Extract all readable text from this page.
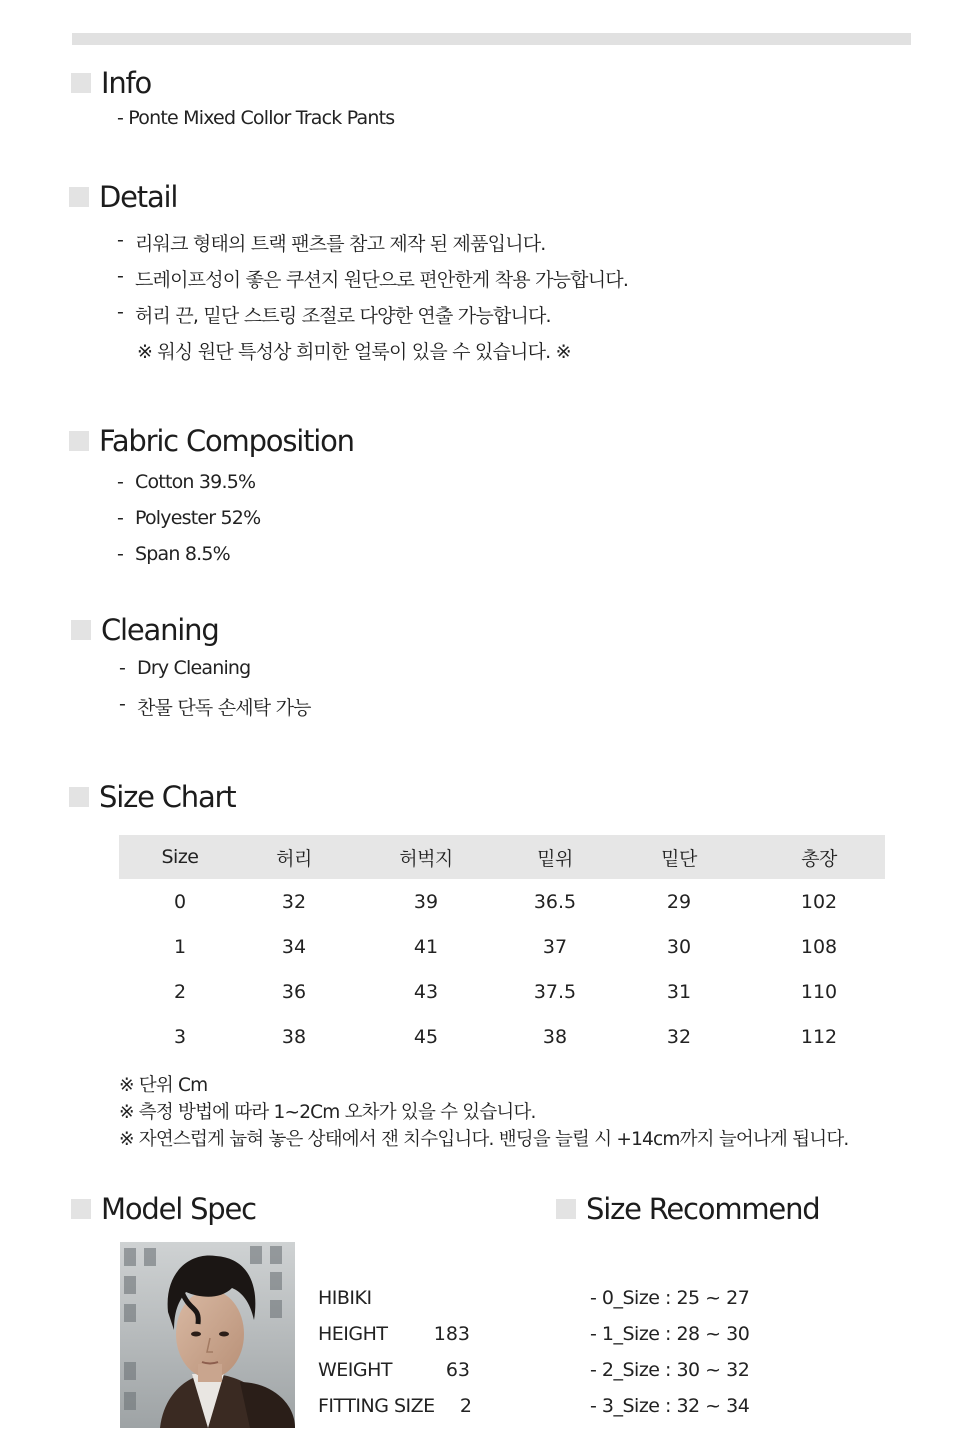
Info
- Ponte Mixed Collor Track Pants
Detail
- 리워크 형태의 트랙 팬츠를 참고 제작 된 제품입니다.
- 드레이프성이 좋은 쿠션지 원단으로 편안한게 착용 가능합니다.
- 허리 끈, 밑단 스트링 조절로 다양한 연출 가능합니다.
※ 워싱 원단 특성상 희미한 얼룩이 있을 수 있습니다. ※
Fabric Composition
- Cotton 39.5%
- Polyester 52%
- Span 8.5%
Cleaning
- Dry Cleaning
- 찬물 단독 손세탁 가능
Size Chart
Size	허리	허벅지	밑위	밑단	총장
0	32	39	36.5	29	102
1	34	41	37	30	108
2	36	43	37.5	31	110
3	38	45	38	32	112
※ 단위 Cm
※ 측정 방법에 따라 1~2Cm 오차가 있을 수 있습니다.
※ 자연스럽게 눕혀 놓은 상태에서 잰 치수입니다. 밴딩을 늘릴 시 +14cm까지 늘어나게 됩니다.
Model Spec
HIBIKI
HEIGHT	183
WEIGHT	63
FITTING SIZE	2
Size Recommend
- 0_Size : 25 ~ 27
- 1_Size : 28 ~ 30
- 2_Size : 30 ~ 32
- 3_Size : 32 ~ 34
